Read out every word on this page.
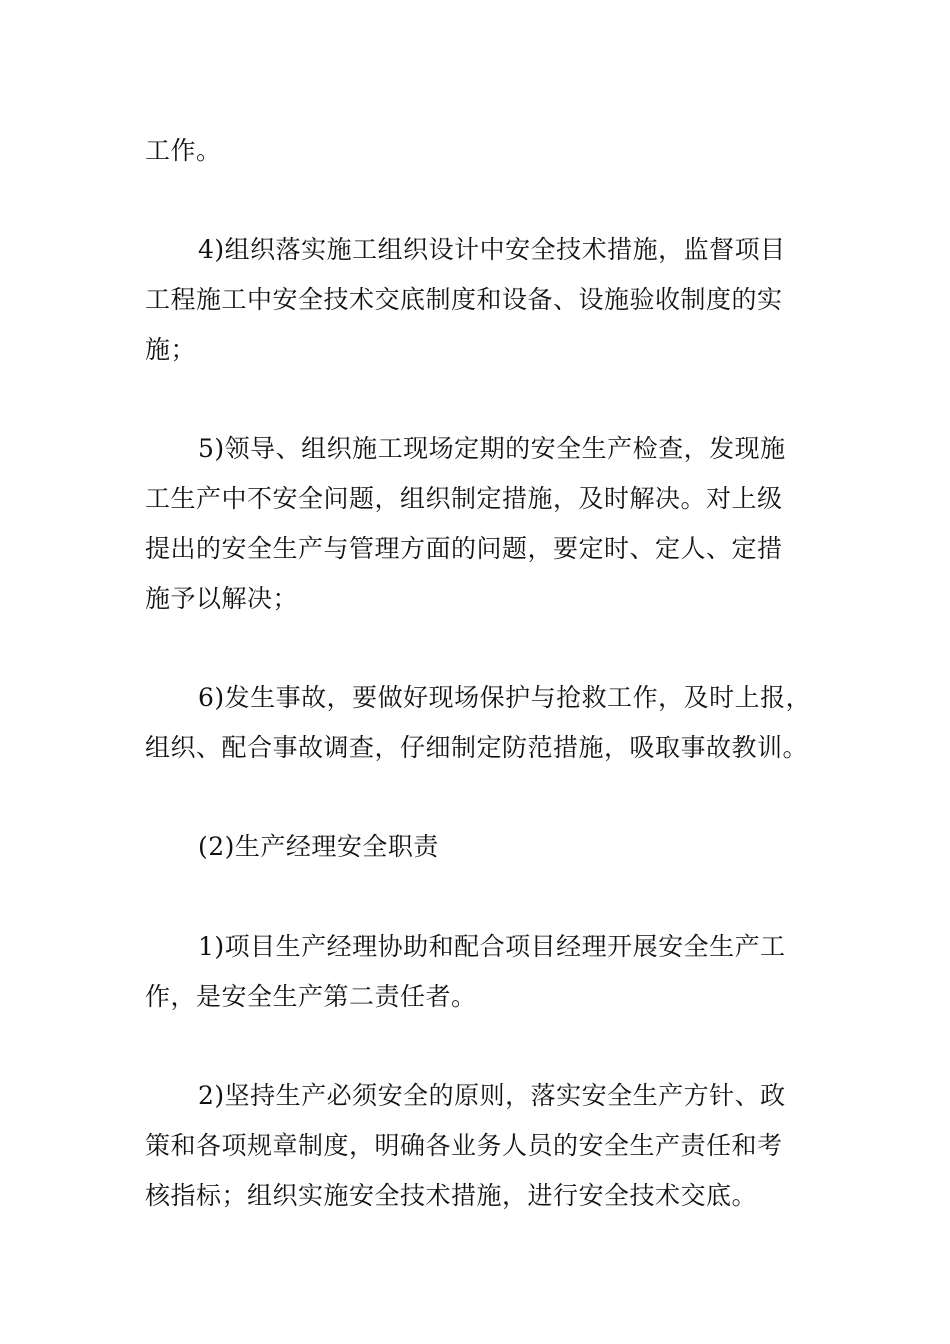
工作。
4)组织落实施工组织设计中安全技术措施，监督项目
工程施工中安全技术交底制度和设备、设施验收制度的实
施；
5)领导、组织施工现场定期的安全生产检查，发现施
工生产中不安全问题，组织制定措施，及时解决。对上级
提出的安全生产与管理方面的问题，要定时、定人、定措
施予以解决；
6)发生事故，要做好现场保护与抢救工作，及时上报，
组织、配合事故调查，仔细制定防范措施，吸取事故教训。
(2)生产经理安全职责
1)项目生产经理协助和配合项目经理开展安全生产工
作，是安全生产第二责任者。
2)坚持生产必须安全的原则，落实安全生产方针、政
策和各项规章制度，明确各业务人员的安全生产责任和考
核指标；组织实施安全技术措施，进行安全技术交底。
